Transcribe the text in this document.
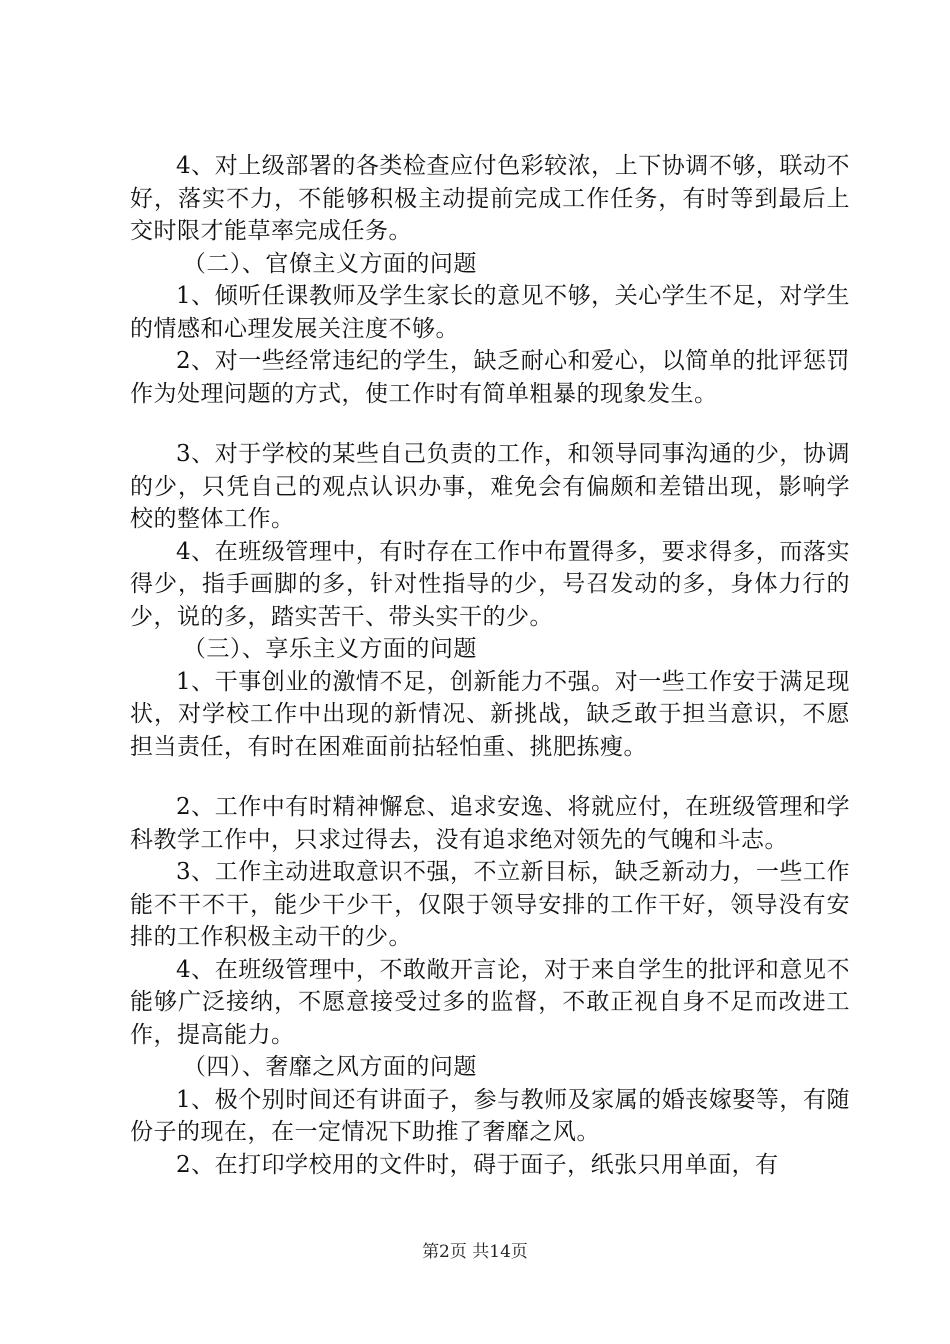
4、对上级部署的各类检查应付色彩较浓，上下协调不够，联动不好，落实不力，不能够积极主动提前完成工作任务，有时等到最后上交时限才能草率完成任务。

（二）、官僚主义方面的问题

1、倾听任课教师及学生家长的意见不够，关心学生不足，对学生的情感和心理发展关注度不够。

2、对一些经常违纪的学生，缺乏耐心和爱心，以简单的批评惩罚作为处理问题的方式，使工作时有简单粗暴的现象发生。

3、对于学校的某些自己负责的工作，和领导同事沟通的少，协调的少，只凭自己的观点认识办事，难免会有偏颇和差错出现，影响学校的整体工作。

4、在班级管理中，有时存在工作中布置得多，要求得多，而落实得少，指手画脚的多，针对性指导的少，号召发动的多，身体力行的少，说的多，踏实苦干、带头实干的少。

（三）、享乐主义方面的问题

1、干事创业的激情不足，创新能力不强。对一些工作安于满足现状，对学校工作中出现的新情况、新挑战，缺乏敢于担当意识，不愿担当责任，有时在困难面前拈轻怕重、挑肥拣瘦。

2、工作中有时精神懈怠、追求安逸、将就应付，在班级管理和学科教学工作中，只求过得去，没有追求绝对领先的气魄和斗志。

3、工作主动进取意识不强，不立新目标，缺乏新动力，一些工作能不干不干，能少干少干，仅限于领导安排的工作干好，领导没有安排的工作积极主动干的少。

4、在班级管理中，不敢敞开言论，对于来自学生的批评和意见不能够广泛接纳，不愿意接受过多的监督，不敢正视自身不足而改进工作，提高能力。

（四）、奢靡之风方面的问题

1、极个别时间还有讲面子，参与教师及家属的婚丧嫁娶等，有随份子的现在，在一定情况下助推了奢靡之风。

2、在打印学校用的文件时，碍于面子，纸张只用单面，有

第2页 共14页
